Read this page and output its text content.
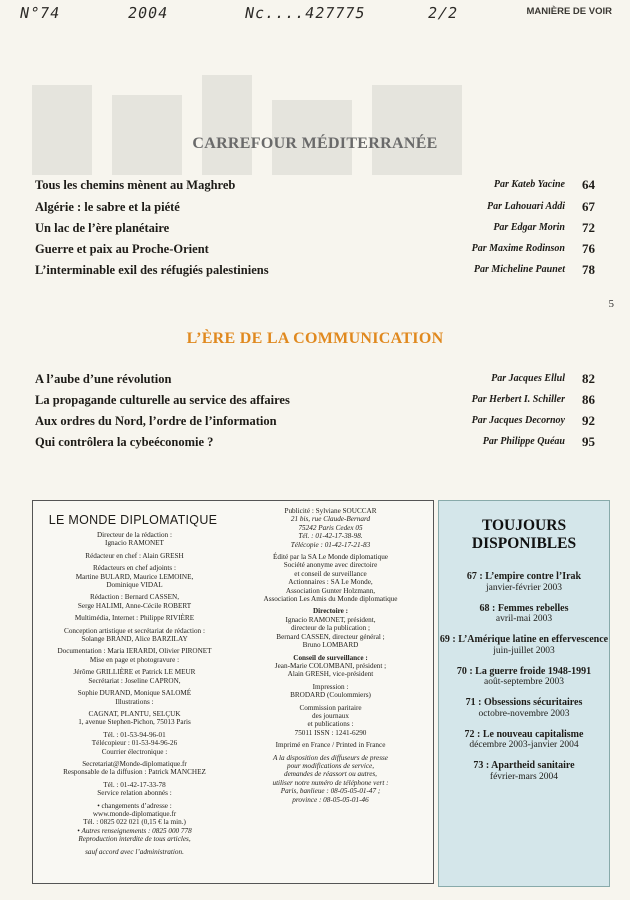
N°74	2004	Nc....427775	2/2	MANIÈRE DE VOIR
CARREFOUR MÉDITERRANÉE
Tous les chemins mènent au Maghreb	Par Kateb Yacine 64
Algérie : le sabre et la piété	Par Lahouari Addi 67
Un lac de l’ère planétaire	Par Edgar Morin 72
Guerre et paix au Proche-Orient	Par Maxime Rodinson 76
L’interminable exil des réfugiés palestiniens	Par Micheline Paunet 78
L’ÈRE DE LA COMMUNICATION
A l’aube d’une révolution	Par Jacques Ellul 82
La propagande culturelle au service des affaires	Par Herbert I. Schiller 86
Aux ordres du Nord, l’ordre de l’information	Par Jacques Decornoy 92
Qui contrôlera la cybeéconomie ?	Par Philippe Quéau 95
5
LE MONDE DIPLOMATIQUE

Directeur de la rédaction :

Ignacio RAMONET

Rédacteur en chef : Alain GRESH

Rédacteurs en chef adjoints :

Martine BULARD, Maurice LEMOINE,

Dominique VIDAL

Rédaction : Bernard CASSEN,

Serge HALIMI, Anne-Cécile ROBERT

Multimédia, Internet : Philippe RIVIÈRE

Conception artistique et secrétariat de rédaction :

Solange BRAND, Alice BARZILAY

Documentation : Maria IERARDI, Olivier PIRONET

Mise en page et photogravure :

Jérôme GRILLIÈRE et Patrick LE MEUR

Secrétariat : Joseline CAPRON,

Sophie DURAND, Monique SALOMÉ

Illustrations :

CAGNAT, PLANTU, SELÇUK

1, avenue Stephen-Pichon, 75013 Paris

Tél. : 01-53-94-96-01

Télécopieur : 01-53-94-96-26

Courrier électronique :

Secretariat@Monde-diplomatique.fr

Responsable de la diffusion : Patrick MANCHEZ

Tél. : 01-42-17-33-78

Service relation abonnés :

• changements d’adresse :

www.monde-diplomatique.fr

Tél. : 0825 022 021 (0,15 € la min.)

• Autres renseignements : 0825 000 778

Reproduction interdite de tous articles,

sauf accord avec l’administration.

Publicité : Sylviane SOUCCAR

21 bis, rue Claude-Bernard

75242 Paris Cedex 05

Tél. : 01-42-17-38-98.

Télécopie : 01-42-17-21-83

Édité par la SA Le Monde diplomatique

Société anonyme avec directoire

et conseil de surveillance

Actionnaires : SA Le Monde,

Association Gunter Holzmann,

Association Les Amis du Monde diplomatique

Directoire :

Ignacio RAMONET, président,

directeur de la publication ;

Bernard CASSEN, directeur général ;

Bruno LOMBARD

Conseil de surveillance :

Jean-Marie COLOMBANI, président ;

Alain GRESH, vice-président

Impression :

BRODARD (Coulommiers)

Commission paritaire

des journaux

et publications :

75011 ISSN : 1241-6290

Imprimé en France / Printed in France

A la disposition des diffuseurs de presse

pour modifications de service,

demandes de réassort ou autres,

utiliser notre numéro de téléphone vert :

Paris, banlieue : 08-05-05-01-47 ;

province : 08-05-05-01-46

TOUJOURS
DISPONIBLES
67 : L’empire contre l’Irak
janvier-février 2003
68 : Femmes rebelles
avril-mai 2003
69 : L’Amérique latine en effervescence
juin-juillet 2003
70 : La guerre froide 1948-1991
août-septembre 2003
71 : Obsessions sécuritaires
octobre-novembre 2003
72 : Le nouveau capitalisme
décembre 2003-janvier 2004
73 : Apartheid sanitaire
février-mars 2004
